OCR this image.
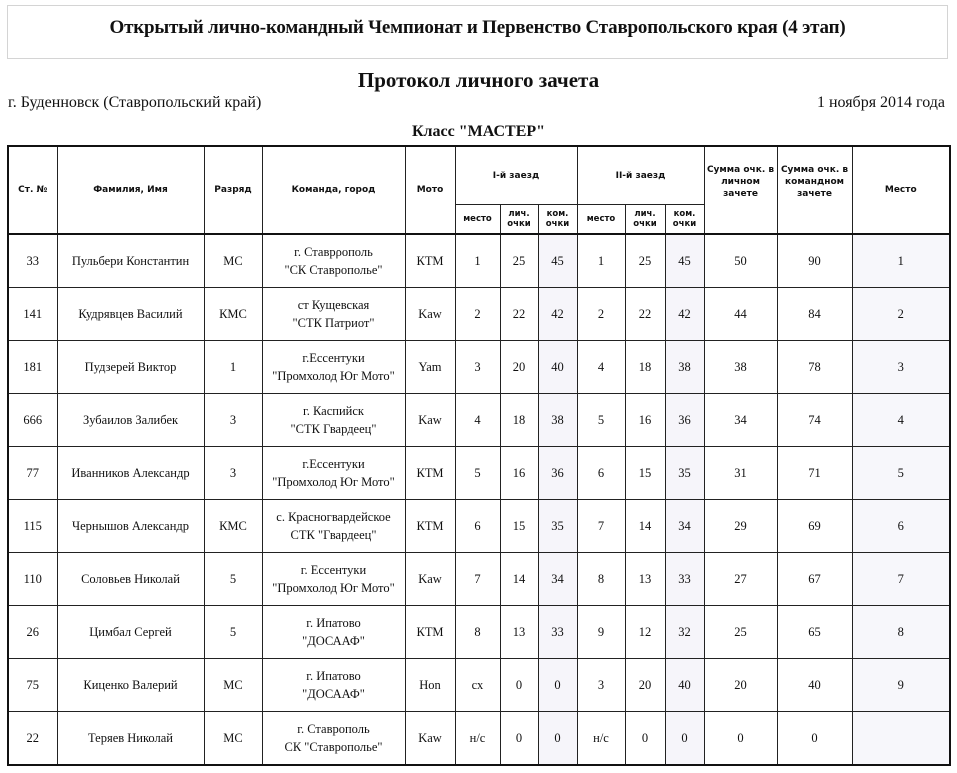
Открытый лично-командный Чемпионат и Первенство Ставропольского края (4 этап)
Протокол личного зачета
г. Буденновск (Ставропольский край)	1 ноября 2014 года
Класс "МАСТЕР"
Ст. №	Фамилия, Имя	Разряд	Команда, город	Мото	I-й заезд			II-й заезд			Сумма очк. в личном зачете	Сумма очк. в командном зачете	Место
					место	лич. очки	ком. очки	место	лич. очки	ком. очки			
33	Пульбери Константин	МС	г. Ставрρополь
"СК Ставрополье"	КТМ	1	25	45	1	25	45	50	90	1
141	Кудрявцев Василий	КМС	ст Кущевская
"СТК Патриот"	Kaw	2	22	42	2	22	42	44	84	2
181	Пудзерей Виктор	1	г.Ессентуки
"Промхолод Юг Мото"	Yam	3	20	40	4	18	38	38	78	3
666	Зубаилов Залибек	3	г. Каспийск
"СТК Гвардеец"	Kaw	4	18	38	5	16	36	34	74	4
77	Иванников Александр	3	г.Ессентуки
"Промхолод Юг Мото"	КТМ	5	16	36	6	15	35	31	71	5
115	Чернышов Александр	КМС	с. Красногвардейское
СТК "Гвардеец"	КТМ	6	15	35	7	14	34	29	69	6
110	Соловьев Николай	5	г. Ессентуки
"Промхолод Юг Мото"	Kaw	7	14	34	8	13	33	27	67	7
26	Цимбал Сергей	5	г. Ипатово
"ДОСААФ"	КТМ	8	13	33	9	12	32	25	65	8
75	Киценко Валерий	МС	г. Ипатово
"ДОСААФ"	Hon	сх	0	0	3	20	40	20	40	9
22	Теряев Николай	МС	г. Ставрополь
СК "Ставрополье"	Kaw	н/с	0	0	н/с	0	0	0	0	
